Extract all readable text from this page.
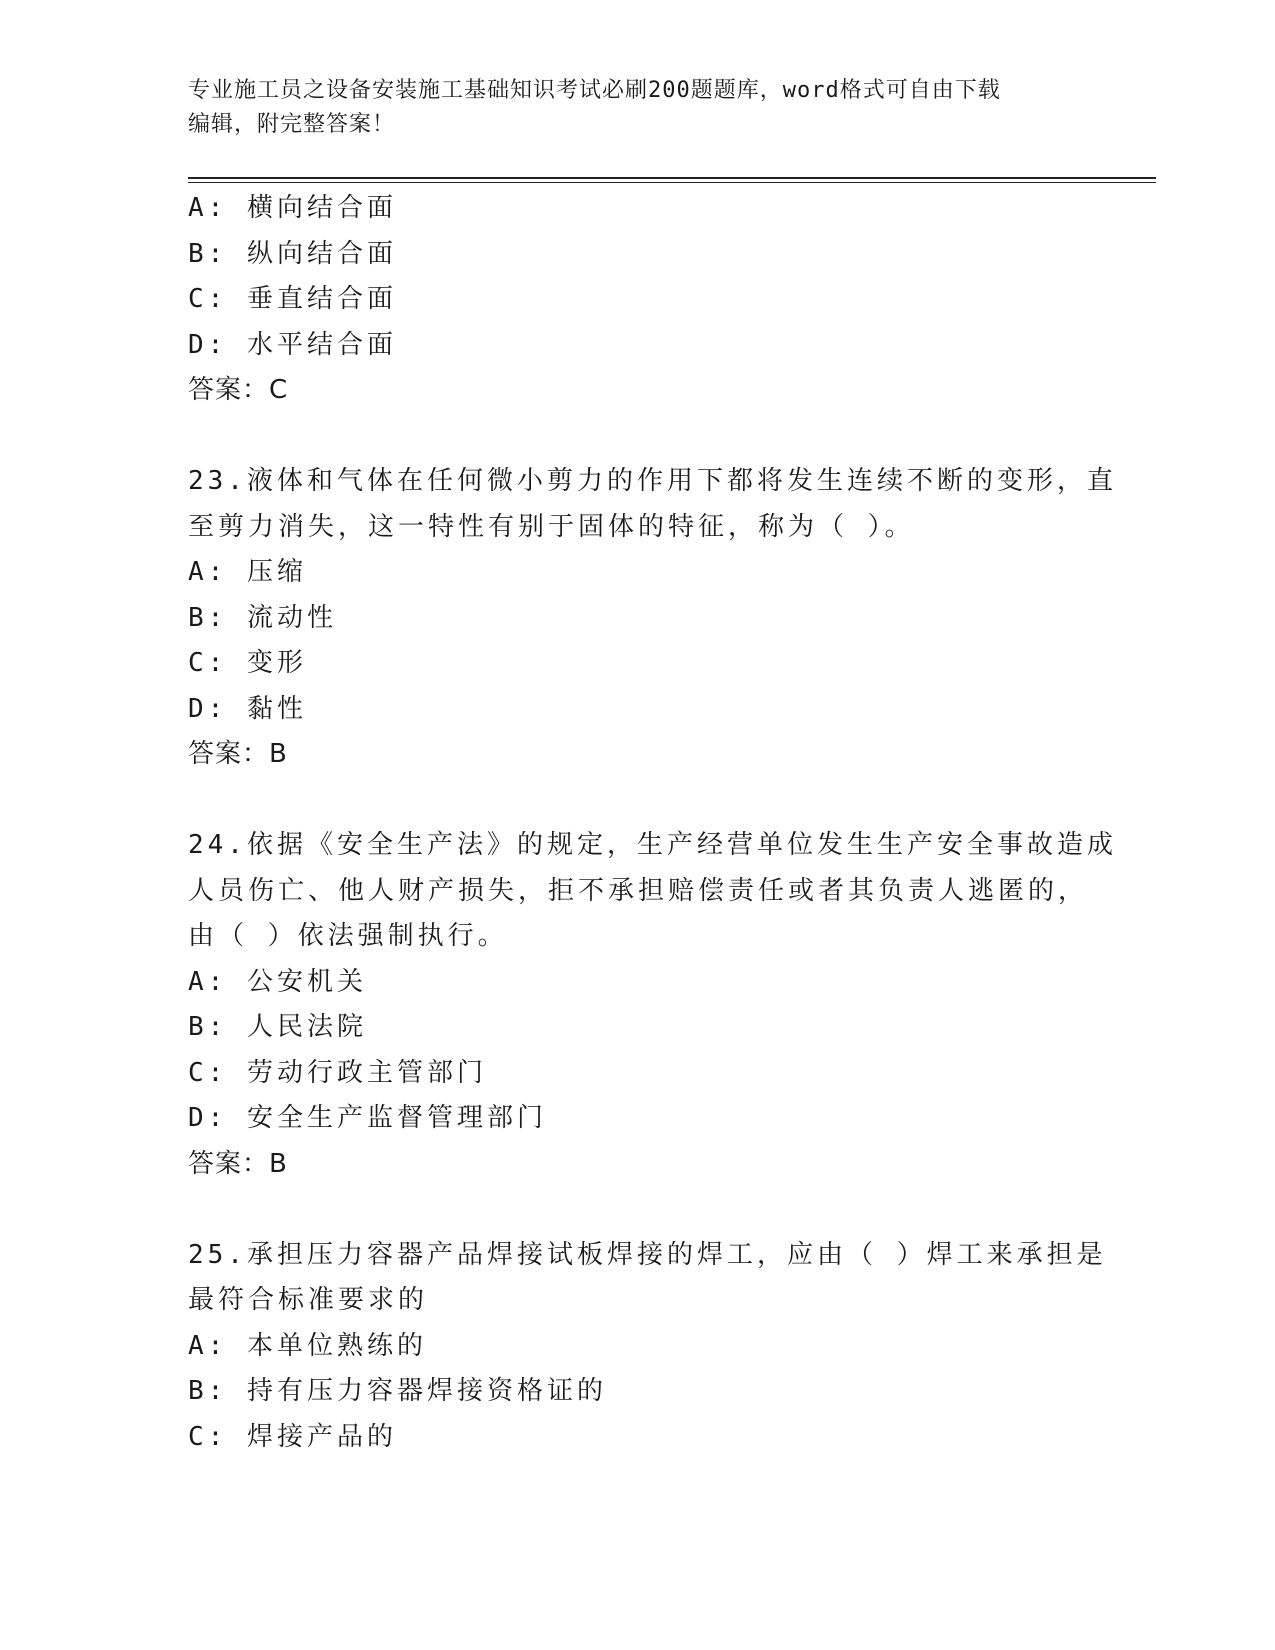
专业施工员之设备安装施工基础知识考试必刷200题题库，word格式可自由下载
编辑，附完整答案！
A: 横向结合面
B: 纵向结合面
C: 垂直结合面
D: 水平结合面
答案：C
23.液体和气体在任何微小剪力的作用下都将发生连续不断的变形，直
至剪力消失，这一特性有别于固体的特征，称为（ ）。
A: 压缩
B: 流动性
C: 变形
D: 黏性
答案：B
24.依据《安全生产法》的规定，生产经营单位发生生产安全事故造成
人员伤亡、他人财产损失，拒不承担赔偿责任或者其负责人逃匿的，
由（ ）依法强制执行。
A: 公安机关
B: 人民法院
C: 劳动行政主管部门
D: 安全生产监督管理部门
答案：B
25.承担压力容器产品焊接试板焊接的焊工，应由（ ）焊工来承担是
最符合标准要求的
A: 本单位熟练的
B: 持有压力容器焊接资格证的
C: 焊接产品的
